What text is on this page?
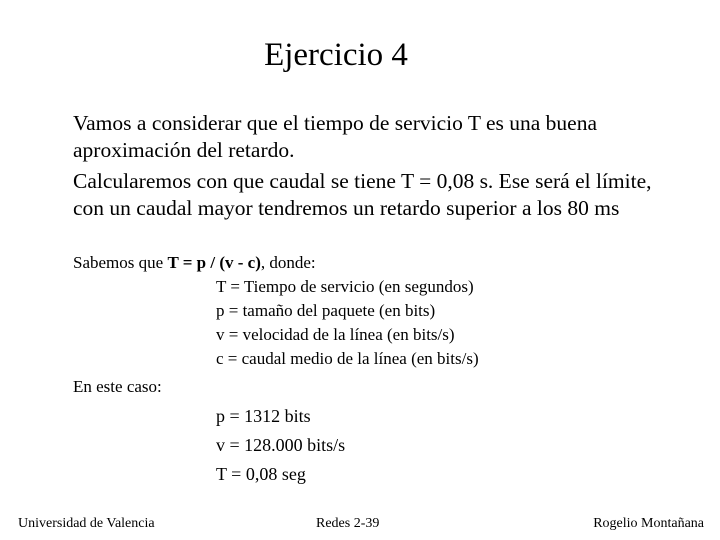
Ejercicio 4
Vamos a considerar que el tiempo de servicio T es una buena aproximación del retardo.
Calcularemos con que caudal se tiene T = 0,08 s. Ese será el límite, con un caudal mayor tendremos un retardo superior a los 80 ms
Sabemos que T = p / (v - c), donde:
T = Tiempo de servicio (en segundos)
p = tamaño del paquete (en bits)
v = velocidad de la línea (en bits/s)
c = caudal medio de la línea (en bits/s)
En este caso:
p = 1312 bits
v = 128.000 bits/s
T = 0,08 seg
Universidad de Valencia	Redes 2-39	Rogelio Montañana
